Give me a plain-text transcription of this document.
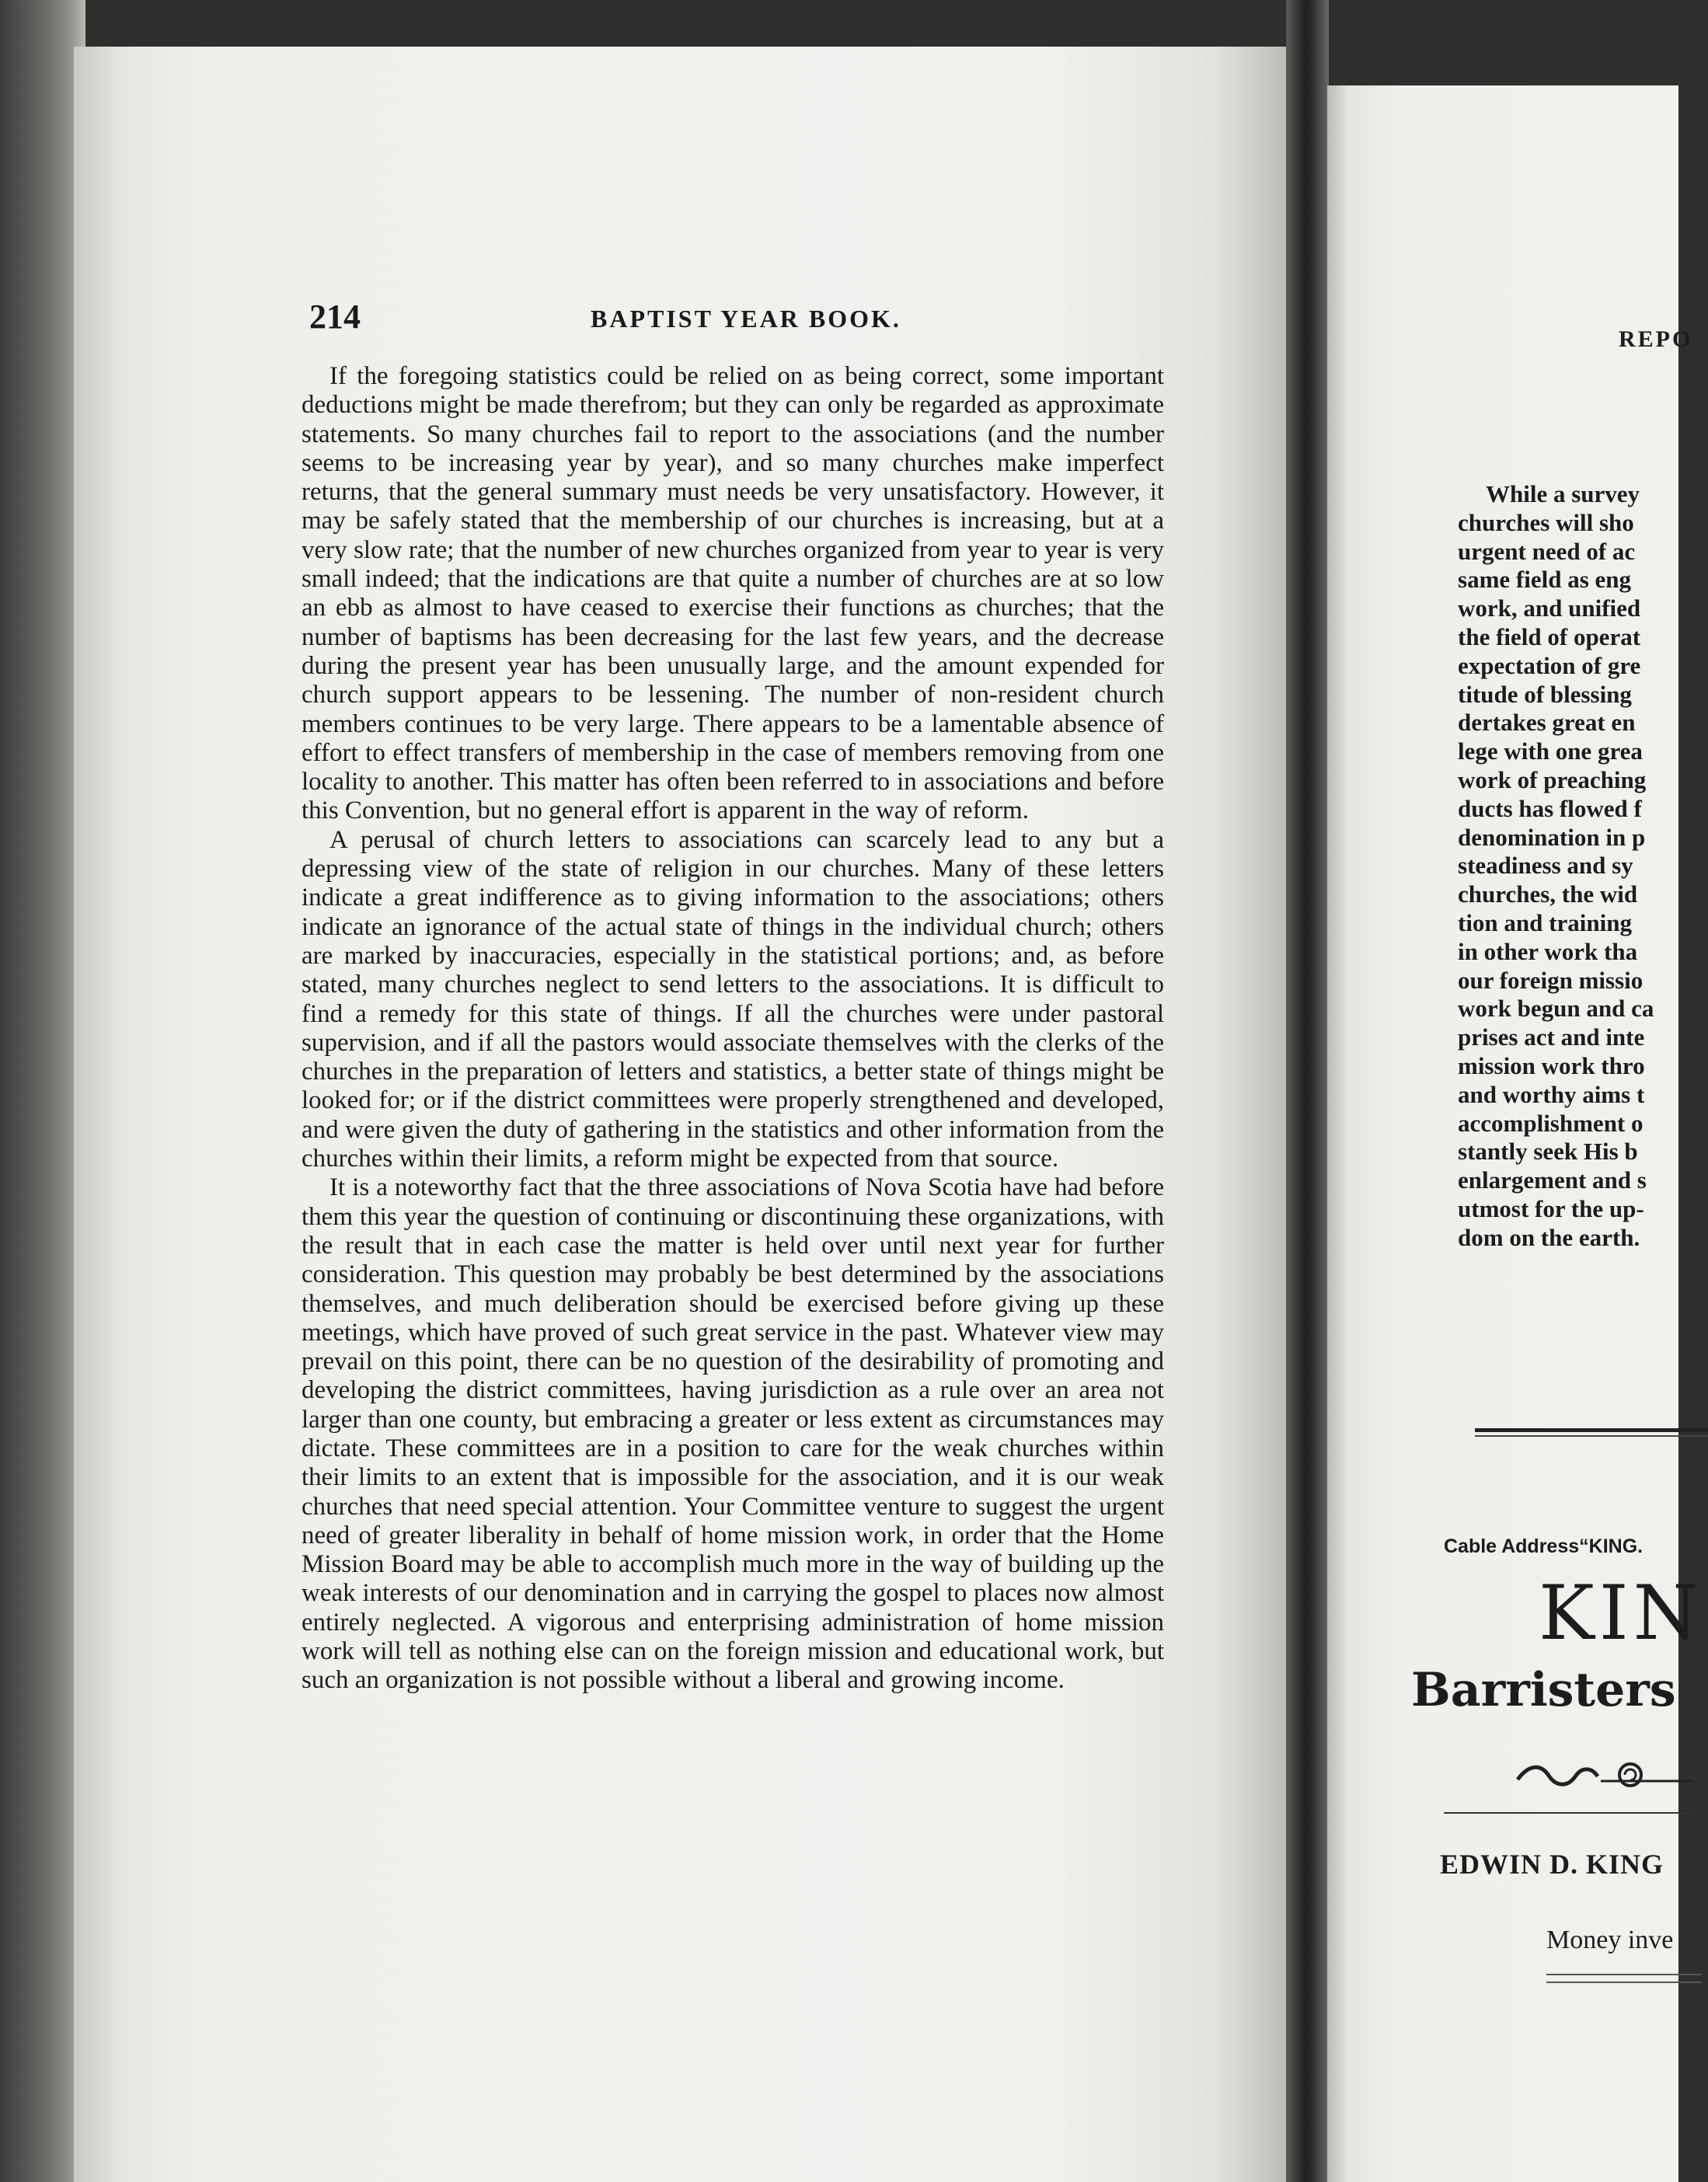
214	BAPTIST YEAR BOOK.

If the foregoing statistics could be relied on as being correct, some important deductions might be made therefrom; but they can only be regarded as approximate statements. So many churches fail to report to the associations (and the number seems to be increasing year by year), and so many churches make imperfect returns, that the general summary must needs be very unsatisfactory. However, it may be safely stated that the membership of our churches is increasing, but at a very slow rate; that the number of new churches organized from year to year is very small indeed; that the indications are that quite a number of churches are at so low an ebb as almost to have ceased to exercise their functions as churches; that the number of baptisms has been decreasing for the last few years, and the decrease during the present year has been unusually large, and the amount expended for church support appears to be lessening. The number of non-resident church members continues to be very large. There appears to be a lamentable absence of effort to effect transfers of membership in the case of members removing from one locality to another. This matter has often been referred to in associations and before this Convention, but no general effort is apparent in the way of reform.

A perusal of church letters to associations can scarcely lead to any but a depressing view of the state of religion in our churches. Many of these letters indicate a great indifference as to giving information to the associations; others indicate an ignorance of the actual state of things in the individual church; others are marked by inaccuracies, especially in the statistical portions; and, as before stated, many churches neglect to send letters to the associations. It is difficult to find a remedy for this state of things. If all the churches were under pastoral supervision, and if all the pastors would associate themselves with the clerks of the churches in the preparation of letters and statistics, a better state of things might be looked for; or if the district committees were properly strengthened and developed, and were given the duty of gathering in the statistics and other information from the churches within their limits, a reform might be expected from that source.

It is a noteworthy fact that the three associations of Nova Scotia have had before them this year the question of continuing or discontinuing these organizations, with the result that in each case the matter is held over until next year for further consideration. This question may probably be best determined by the associations themselves, and much deliberation should be exercised before giving up these meetings, which have proved of such great service in the past. Whatever view may prevail on this point, there can be no question of the desirability of promoting and developing the district committees, having jurisdiction as a rule over an area not larger than one county, but embracing a greater or less extent as circumstances may dictate. These committees are in a position to care for the weak churches within their limits to an extent that is impossible for the association, and it is our weak churches that need special attention. Your Committee venture to suggest the urgent need of greater liberality in behalf of home mission work, in order that the Home Mission Board may be able to accomplish much more in the way of building up the weak interests of our denomination and in carrying the gospel to places now almost entirely neglected. A vigorous and enterprising administration of home mission work will tell as nothing else can on the foreign mission and educational work, but such an organization is not possible without a liberal and growing income.

REPO
While a survey
churches will sho
urgent need of ac
same field as eng
work, and unified
the field of operat
expectation of gre
titude of blessing
dertakes great en
lege with one grea
work of preaching
ducts has flowed f
denomination in p
steadiness and sy
churches, the wid
tion and training
in other work tha
our foreign missio
work begun and ca
prises act and inte
mission work thro
and worthy aims t
accomplishment o
stantly seek His b
enlargement and s
utmost for the up-
dom on the earth.
Cable Address“KING.
KIN
Barristers
EDWIN D. KING
Money inve
